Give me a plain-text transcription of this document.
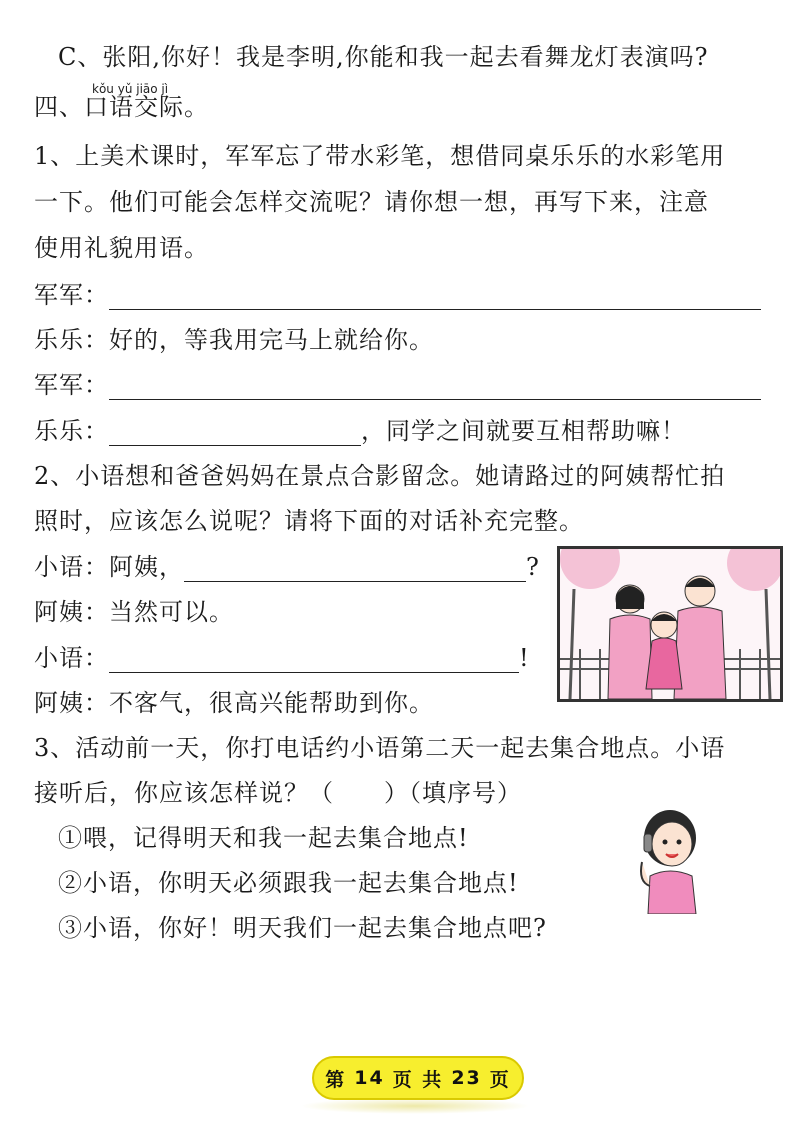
C、张阳,你好！我是李明,你能和我一起去看舞龙灯表演吗?
kǒu yǔ jiāo jì
四、口语交际。
1、上美术课时，军军忘了带水彩笔，想借同桌乐乐的水彩笔用
一下。他们可能会怎样交流呢？请你想一想，再写下来，注意
使用礼貌用语。
军军：
乐乐：好的，等我用完马上就给你。
军军：
乐乐：	，同学之间就要互相帮助嘛！
2、小语想和爸爸妈妈在景点合影留念。她请路过的阿姨帮忙拍
照时，应该怎么说呢？请将下面的对话补充完整。
小语：阿姨，	?
阿姨：当然可以。
小语：	!
阿姨：不客气，很高兴能帮助到你。
3、活动前一天，你打电话约小语第二天一起去集合地点。小语
接听后，你应该怎样说？（　　）（填序号）
①喂，记得明天和我一起去集合地点!
②小语，你明天必须跟我一起去集合地点!
③小语，你好！明天我们一起去集合地点吧?
第 14 页 共 23 页
